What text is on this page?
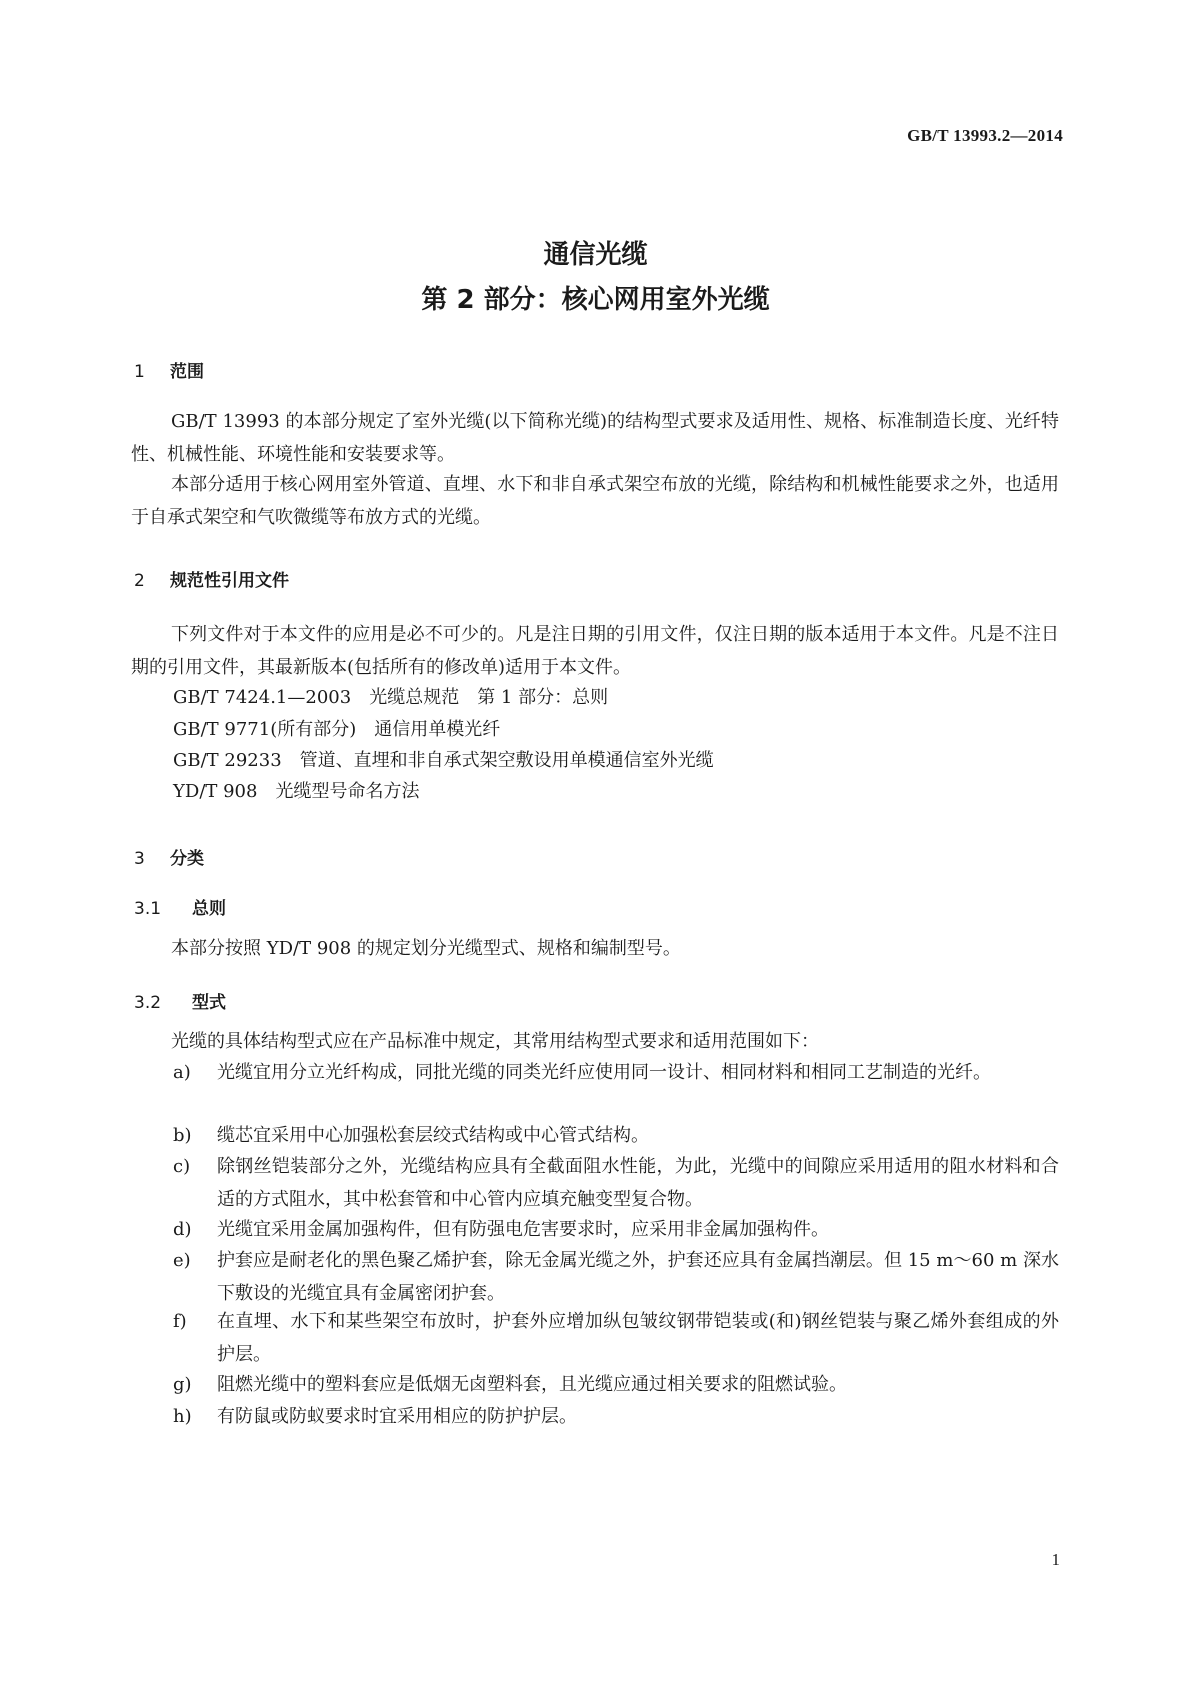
GB/T 13993.2—2014
通信光缆
第 2 部分：核心网用室外光缆
1 范围
GB/T 13993 的本部分规定了室外光缆(以下简称光缆)的结构型式要求及适用性、规格、标准制造长度、光纤特性、机械性能、环境性能和安装要求等。
本部分适用于核心网用室外管道、直埋、水下和非自承式架空布放的光缆，除结构和机械性能要求之外，也适用于自承式架空和气吹微缆等布放方式的光缆。
2 规范性引用文件
下列文件对于本文件的应用是必不可少的。凡是注日期的引用文件，仅注日期的版本适用于本文件。凡是不注日期的引用文件，其最新版本(包括所有的修改单)适用于本文件。
GB/T 7424.1—2003　光缆总规范　第 1 部分：总则
GB/T 9771(所有部分)　通信用单模光纤
GB/T 29233　管道、直埋和非自承式架空敷设用单模通信室外光缆
YD/T 908　光缆型号命名方法
3 分类
3.1 总则
本部分按照 YD/T 908 的规定划分光缆型式、规格和编制型号。
3.2 型式
光缆的具体结构型式应在产品标准中规定，其常用结构型式要求和适用范围如下：
a)	光缆宜用分立光纤构成，同批光缆的同类光纤应使用同一设计、相同材料和相同工艺制造的光纤。
b)	缆芯宜采用中心加强松套层绞式结构或中心管式结构。
c)	除钢丝铠装部分之外，光缆结构应具有全截面阻水性能，为此，光缆中的间隙应采用适用的阻水材料和合适的方式阻水，其中松套管和中心管内应填充触变型复合物。
d)	光缆宜采用金属加强构件，但有防强电危害要求时，应采用非金属加强构件。
e)	护套应是耐老化的黑色聚乙烯护套，除无金属光缆之外，护套还应具有金属挡潮层。但 15 m～60 m 深水下敷设的光缆宜具有金属密闭护套。
f)	在直埋、水下和某些架空布放时，护套外应增加纵包皱纹钢带铠装或(和)钢丝铠装与聚乙烯外套组成的外护层。
g)	阻燃光缆中的塑料套应是低烟无卤塑料套，且光缆应通过相关要求的阻燃试验。
h)	有防鼠或防蚁要求时宜采用相应的防护护层。
1
